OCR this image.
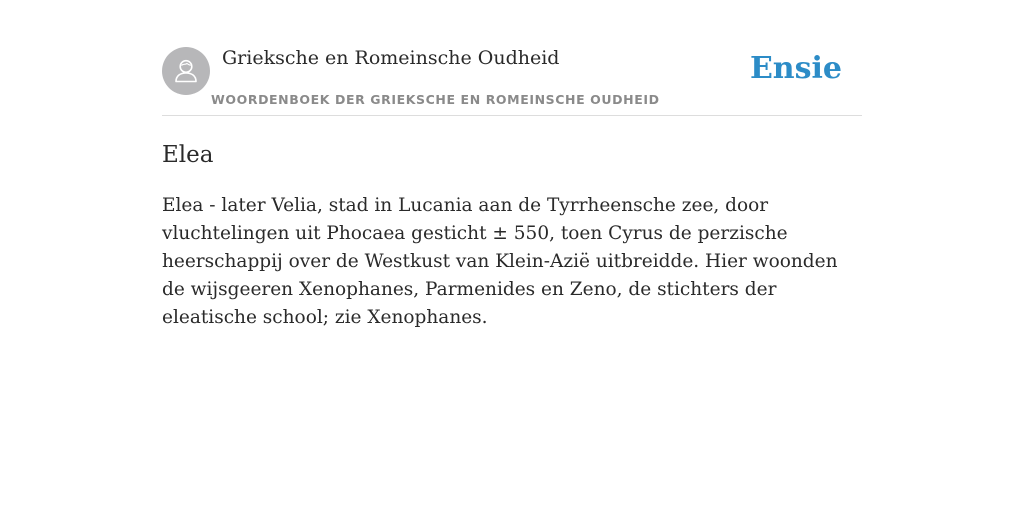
Grieksche en Romeinsche Oudheid
WOORDENBOEK DER GRIEKSCHE EN ROMEINSCHE OUDHEID
Ensie
Elea

Elea - later Velia, stad in Lucania aan de Tyrrheensche zee, door vluchtelingen uit Phocaea gesticht ± 550, toen Cyrus de perzische heerschappij over de Westkust van Klein-Azië uitbreidde. Hier woonden de wijsgeeren Xenophanes, Parmenides en Zeno, de stichters der eleatische school; zie Xenophanes.
